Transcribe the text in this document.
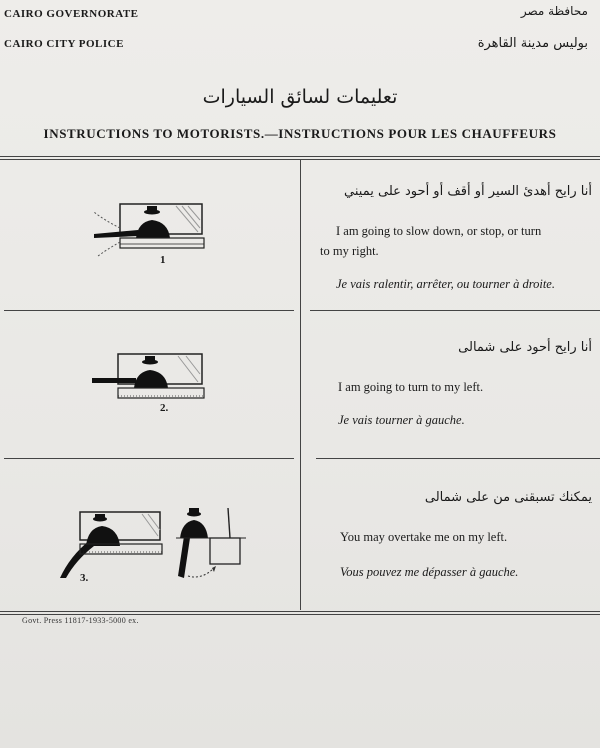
CAIRO GOVERNORATE
CAIRO CITY POLICE
محافظة مصر
بوليس مدينة القاهرة
تعليمات لسائق السيارات
INSTRUCTIONS TO MOTORISTS.—INSTRUCTIONS POUR LES CHAUFFEURS
1
2.
3.
أنا رايح أهدئ السير أو أقف أو أحود على يميني
I am going to slow down, or stop, or turn
to my right.
Je vais ralentir, arrêter, ou tourner à droite.
أنا رايح أحود على شمالى
I am going to turn to my left.
Je vais tourner à gauche.
يمكنك تسبقنى من على شمالى
You may overtake me on my left.
Vous pouvez me dépasser à gauche.
Govt. Press 11817-1933-5000 ex.
